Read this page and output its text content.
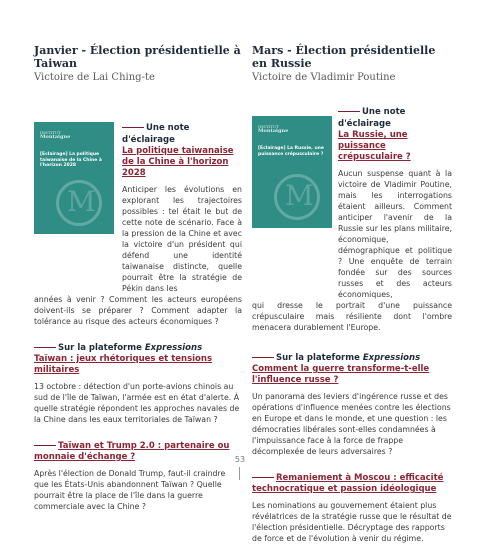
Janvier - Élection présidentielle à Taiwan
Victoire de Lai Ching-te
INSTITUT
Montaigne
[Eclairage] La politique taiwanaise de la Chine à l'horizon 2028
M
Une note d'éclairage
La politique taiwanaise de la Chine à l'horizon 2028
Anticiper les évolutions en explorant les trajectoires possibles : tel était le but de cette note de scénario. Face à la pression de la Chine et avec la victoire d'un président qui défend une identité taiwanaise distincte, quelle pourrait être la stratégie de Pékin dans les
années à venir ? Comment les acteurs européens doivent-ils se préparer ? Comment adapter la tolérance au risque des acteurs économiques ?
Sur la plateforme Expressions
Taïwan : jeux rhétoriques et tensions militaires
13 octobre : détection d'un porte-avions chinois au sud de l'île de Taïwan, l'armée est en état d'alerte. À quelle stratégie répondent les approches navales de la Chine dans les eaux territoriales de Taïwan ?
Taïwan et Trump 2.0 : partenaire ou monnaie d'échange ?
Après l'élection de Donald Trump, faut-il craindre que les États-Unis abandonnent Taïwan ? Quelle pourrait être la place de l'île dans la guerre commerciale avec la Chine ?
Mars - Élection présidentielle en Russie
Victoire de Vladimir Poutine
INSTITUT
Montaigne
[Eclairage] La Russie, une puissance crépusculaire ?
M
Une note d'éclairage
La Russie, une puissance crépusculaire ?
Aucun suspense quant à la victoire de Vladimir Poutine, mais les interrogations étaient ailleurs. Comment anticiper l'avenir de la Russie sur les plans militaire, économique, démographique et politique ? Une enquête de terrain fondée sur des sources russes et des acteurs économiques,
qui dresse le portrait d'une puissance crépusculaire mais résiliente dont l'ombre menacera durablement l'Europe.
Sur la plateforme Expressions
Comment la guerre transforme-t-elle l'influence russe ?
Un panorama des leviers d'ingérence russe et des opérations d'influence menées contre les élections en Europe et dans le monde, et une question : les démocraties libérales sont-elles condamnées à l'impuissance face à la force de frappe décomplexée de leurs adversaires ?
Remaniement à Moscou : efficacité technocratique et passion idéologique
Les nominations au gouvernement étaient plus révélatrices de la stratégie russe que le résultat de l'élection présidentielle. Décryptage des rapports de force et de l'évolution à venir du régime.
53
